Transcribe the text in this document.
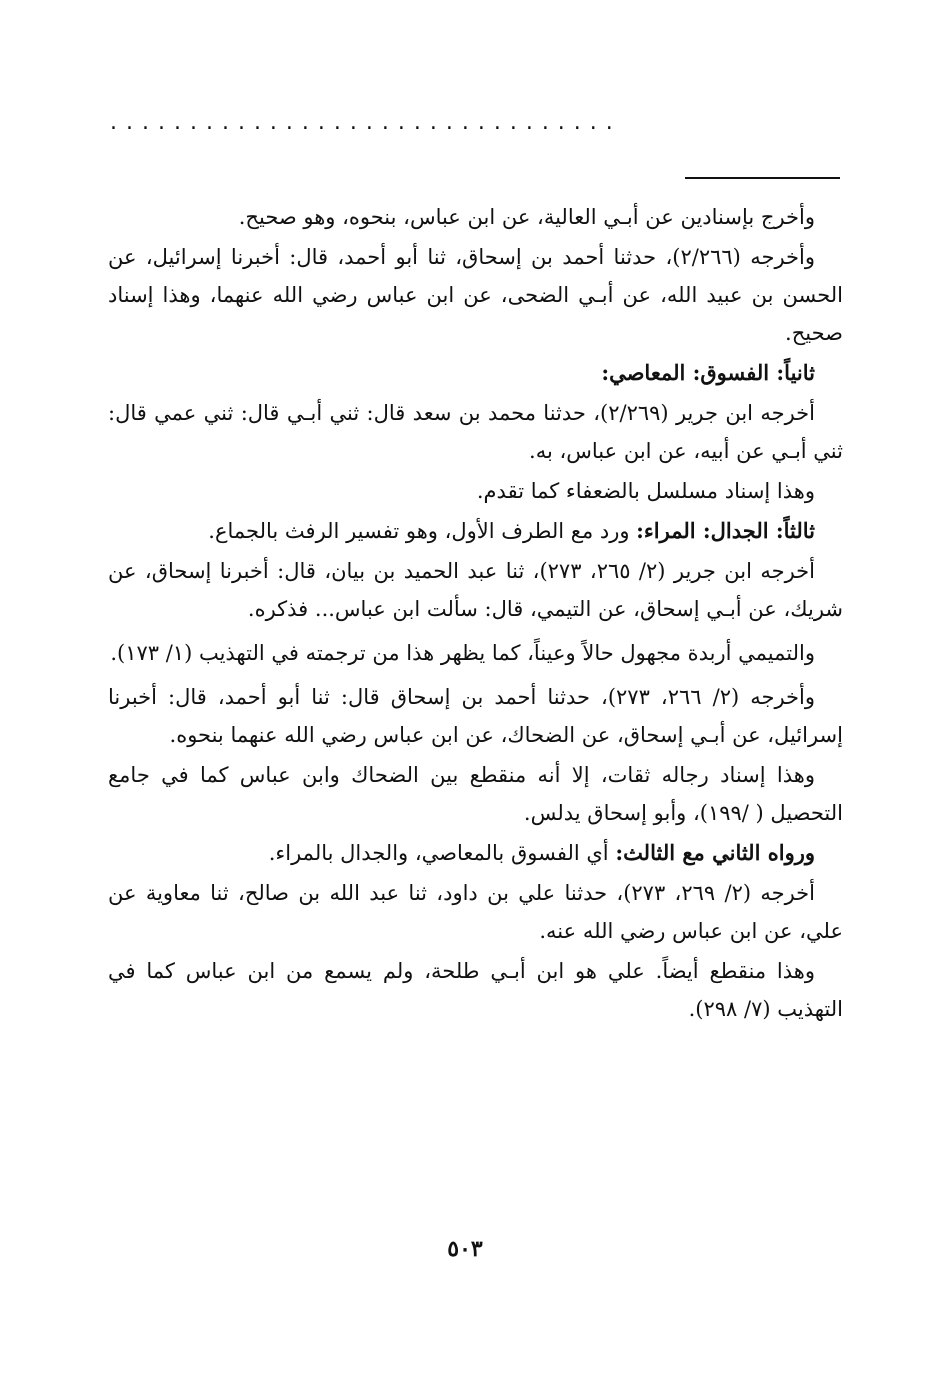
................................

وأخرج بإسنادين عن أبـي العالية، عن ابن عباس، بنحوه، وهو صحيح.

وأخرجه (٢/٢٦٦)، حدثنا أحمد بن إسحاق، ثنا أبو أحمد، قال: أخبرنا إسرائيل، عن الحسن بن عبيد الله، عن أبـي الضحى، عن ابن عباس رضي الله عنهما، وهذا إسناد صحيح.

ثانياً: الفسوق: المعاصي:

أخرجه ابن جرير (٢/٢٦٩)، حدثنا محمد بن سعد قال: ثني أبـي قال: ثني عمي قال: ثني أبـي عن أبيه، عن ابن عباس، به.

وهذا إسناد مسلسل بالضعفاء كما تقدم.

ثالثاً: الجدال: المراء: ورد مع الطرف الأول، وهو تفسير الرفث بالجماع.

أخرجه ابن جرير (٢/ ٢٦٥، ٢٧٣)، ثنا عبد الحميد بن بيان، قال: أخبرنا إسحاق، عن شريك، عن أبـي إسحاق، عن التيمي، قال: سألت ابن عباس... فذكره.

والتميمي أربدة مجهول حالاً وعيناً، كما يظهر هذا من ترجمته في التهذيب (١/ ١٧٣).

وأخرجه (٢/ ٢٦٦، ٢٧٣)، حدثنا أحمد بن إسحاق قال: ثنا أبو أحمد، قال: أخبرنا إسرائيل، عن أبـي إسحاق، عن الضحاك، عن ابن عباس رضي الله عنهما بنحوه.

وهذا إسناد رجاله ثقات، إلا أنه منقطع بين الضحاك وابن عباس كما في جامع التحصيل ( /١٩٩)، وأبو إسحاق يدلس.

ورواه الثاني مع الثالث: أي الفسوق بالمعاصي، والجدال بالمراء.

أخرجه (٢/ ٢٦٩، ٢٧٣)، حدثنا علي بن داود، ثنا عبد الله بن صالح، ثنا معاوية عن علي، عن ابن عباس رضي الله عنه.

وهذا منقطع أيضاً. علي هو ابن أبـي طلحة، ولم يسمع من ابن عباس كما في التهذيب (٧/ ٢٩٨).

٥٠٣
